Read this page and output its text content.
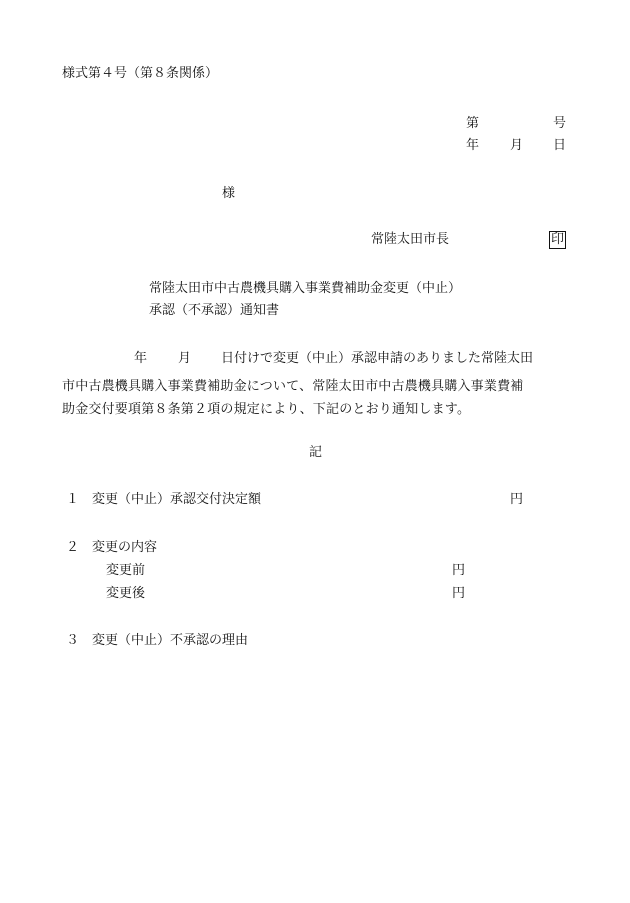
様式第４号（第８条関係）
第	号
年 月 日
様
常陸太田市長	印
常陸太田市中古農機具購入事業費補助金変更（中止）
承認（不承認）通知書
年 月 日付けで変更（中止）承認申請のありました常陸太田
市中古農機具購入事業費補助金について、常陸太田市中古農機具購入事業費補
助金交付要項第８条第２項の規定により、下記のとおり通知します。
記
１ 変更（中止）承認交付決定額	円
２ 変更の内容
変更前	円
変更後	円
３ 変更（中止）不承認の理由
